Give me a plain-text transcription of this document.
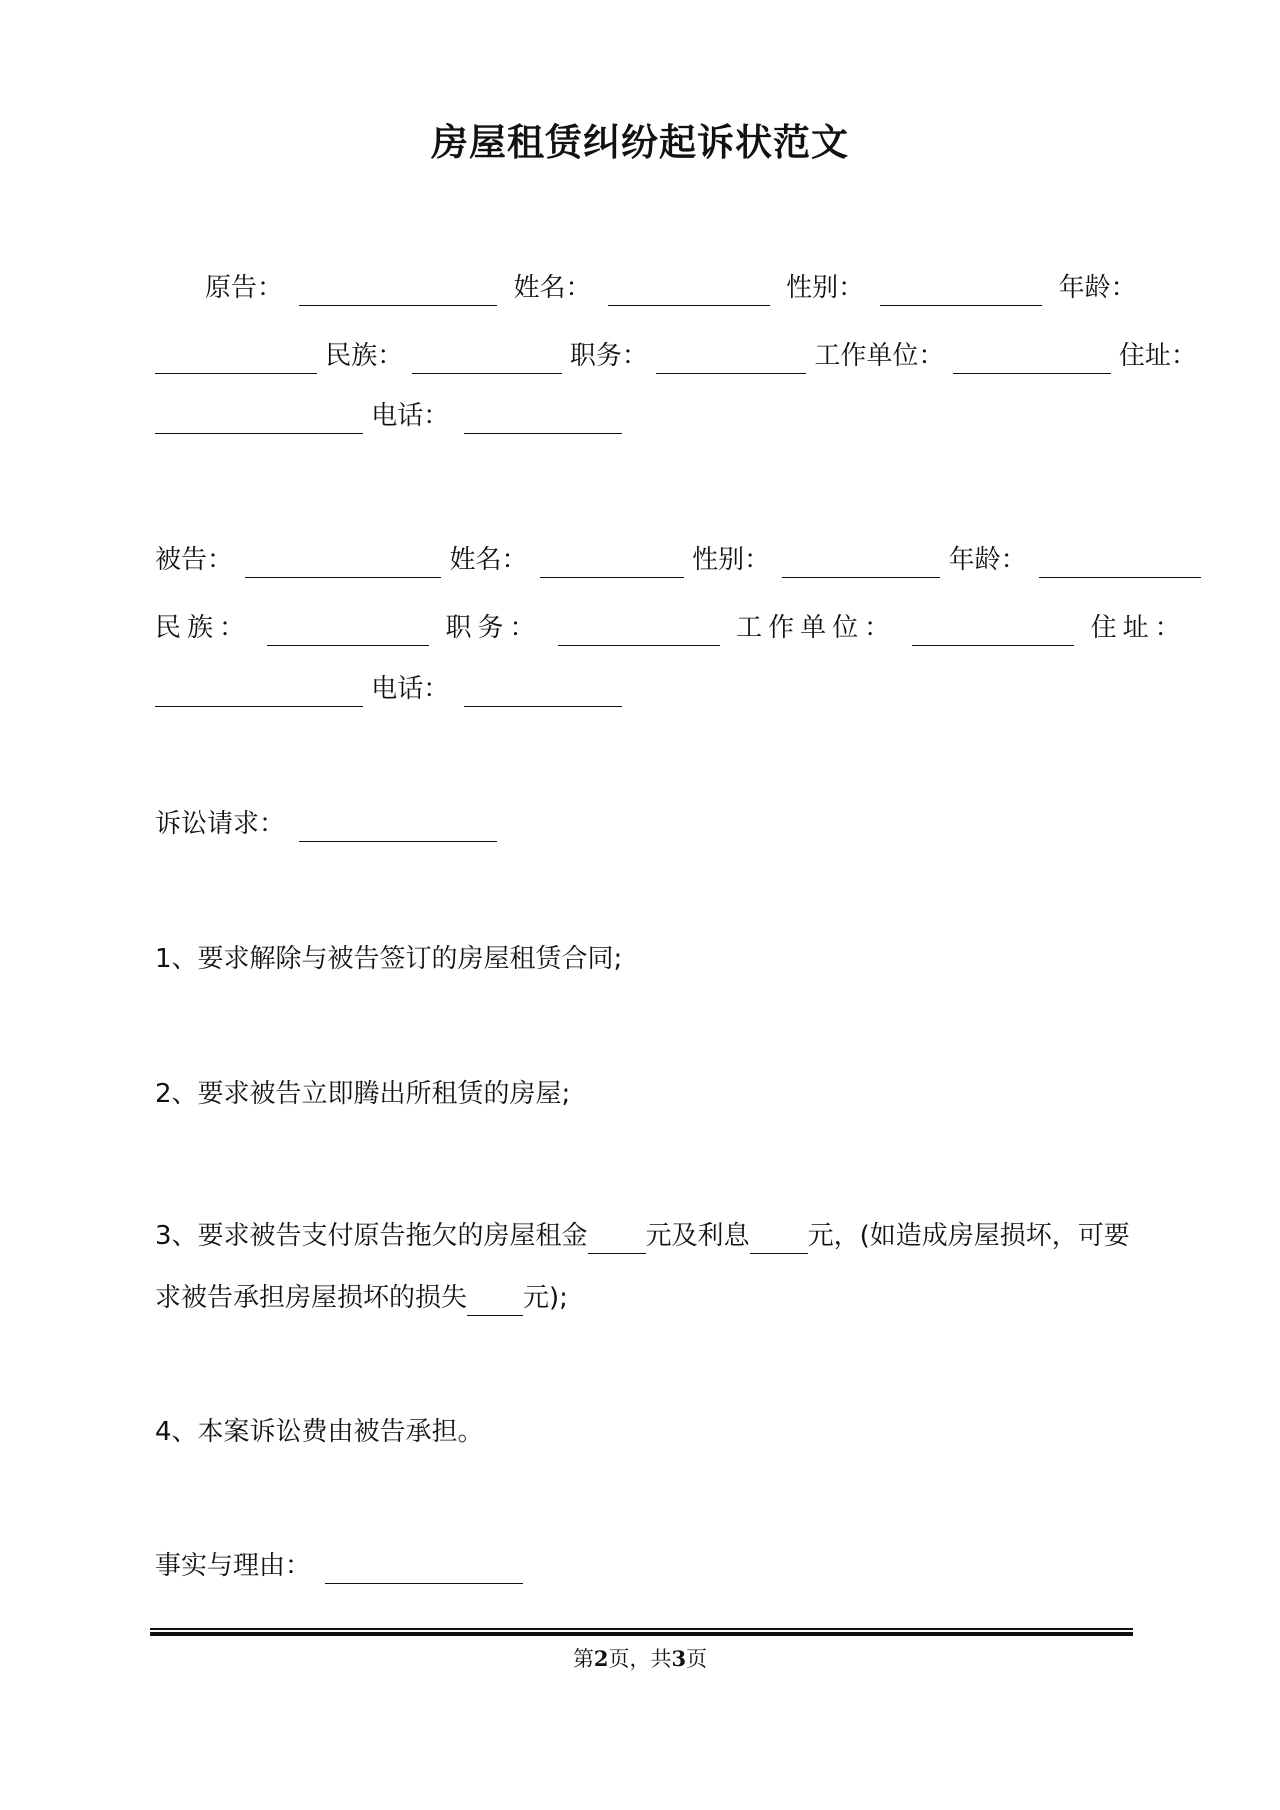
房屋租赁纠纷起诉状范文
原告：	姓名：	性别：	年龄：
民族：	职务：	工作单位：	住址：
电话：
被告：	姓名：	性别：	年龄：
民族：	职务：	工作单位：	住址：
电话：
诉讼请求：
1、要求解除与被告签订的房屋租赁合同;
2、要求被告立即腾出所租赁的房屋;
3、要求被告支付原告拖欠的房屋租金 元及利息 元，(如造成房屋损坏，可要
求被告承担房屋损坏的损失 元);
4、本案诉讼费由被告承担。
事实与理由：
第2页，共3页
